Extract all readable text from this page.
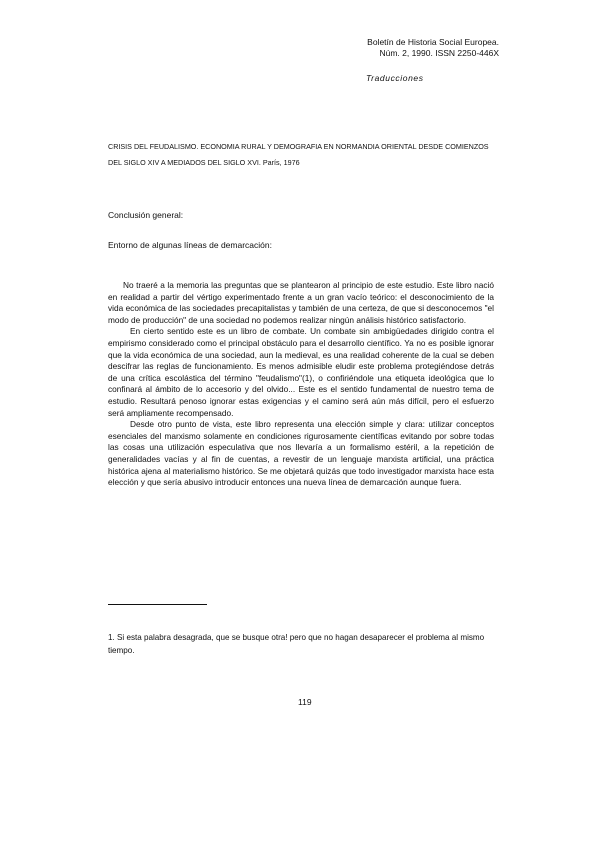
Boletín de Historia Social Europea.
Núm. 2, 1990. ISSN 2250-446X
Traducciones
CRISIS DEL FEUDALISMO. ECONOMIA RURAL Y DEMOGRAFIA EN NORMANDIA ORIENTAL DESDE COMIENZOS DEL SIGLO XIV A MEDIADOS DEL SIGLO XVI. París, 1976
Conclusión general:
Entorno de algunas líneas de demarcación:

No traeré a la memoria las preguntas que se plantearon al principio de este estudio. Este libro nació en realidad a partir del vértigo experimentado frente a un gran vacío teórico: el desconocimiento de la vida económica de las sociedades precapitalistas y también de una certeza, de que si desconocemos "el modo de producción" de una sociedad no podemos realizar ningún análisis histórico satisfactorio.

En cierto sentido este es un libro de combate. Un combate sin ambigüedades dirigido contra el empirismo considerado como el principal obstáculo para el desarrollo científico. Ya no es posible ignorar que la vida económica de una sociedad, aun la medieval, es una realidad coherente de la cual se deben descifrar las reglas de funcionamiento. Es menos admisible eludir este problema protegiéndose detrás de una crítica escolástica del término "feudalismo"(1), o confiriéndole una etiqueta ideológica que lo confinará al ámbito de lo accesorio y del olvido... Este es el sentido fundamental de nuestro tema de estudio. Resultará penoso ignorar estas exigencias y el camino será aún más difícil, pero el esfuerzo será ampliamente recompensado.

Desde otro punto de vista, este libro representa una elección simple y clara: utilizar conceptos esenciales del marxismo solamente en condiciones rigurosamente científicas evitando por sobre todas las cosas una utilización especulativa que nos llevaría a un formalismo estéril, a la repetición de generalidades vacías y al fin de cuentas, a revestir de un lenguaje marxista artificial, una práctica histórica ajena al materialismo histórico. Se me objetará quizás que todo investigador marxista hace esta elección y que sería abusivo introducir entonces una nueva línea de demarcación aunque fuera.

1. Si esta palabra desagrada, que se busque otra! pero que no hagan desaparecer el problema al mismo tiempo.
119
